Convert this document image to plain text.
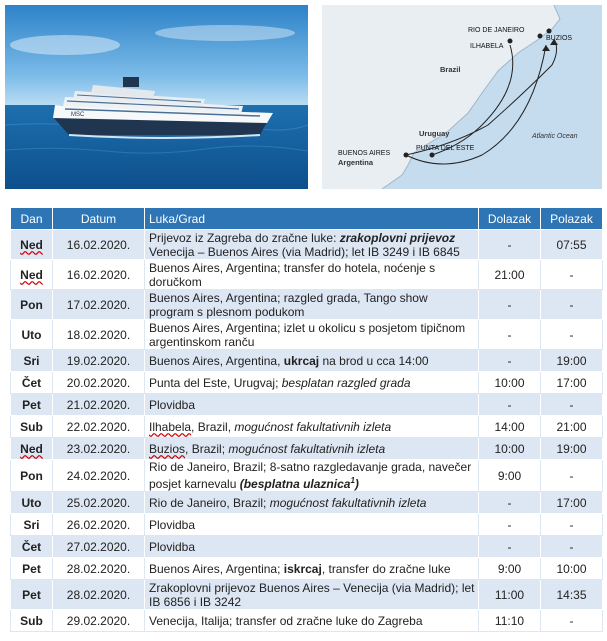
MSC
RIO DE JANEIRO
BUZIOS
ILHABELA
Brazil
Uruguay
PUNTA DEL ESTE
BUENOS AIRES
Argentina
Atlantic Ocean
Dan	Datum	Luka/Grad	Dolazak	Polazak
Ned	16.02.2020.	Prijevoz iz Zagreba do zračne luke: zrakoplovni prijevoz Venecija – Buenos Aires (via Madrid); let IB 3249 i IB 6845	-	07:55
Ned	16.02.2020.	Buenos Aires, Argentina; transfer do hotela, noćenje s doručkom	21:00	-
Pon	17.02.2020.	Buenos Aires, Argentina; razgled grada, Tango show program s plesnom podukom	-	-
Uto	18.02.2020.	Buenos Aires, Argentina; izlet u okolicu s posjetom tipičnom argentinskom ranču	-	-
Sri	19.02.2020.	Buenos Aires, Argentina, ukrcaj na brod u cca 14:00	-	19:00
Čet	20.02.2020.	Punta del Este, Urugvaj; besplatan razgled grada	10:00	17:00
Pet	21.02.2020.	Plovidba	-	-
Sub	22.02.2020.	Ilhabela, Brazil, mogućnost fakultativnih izleta	14:00	21:00
Ned	23.02.2020.	Buzios, Brazil; mogućnost fakultativnih izleta	10:00	19:00
Pon	24.02.2020.	Rio de Janeiro, Brazil; 8-satno razgledavanje grada, navečer posjet karnevalu (besplatna ulaznica$^1$)	9:00	-
Uto	25.02.2020.	Rio de Janeiro, Brazil; mogućnost fakultativnih izleta	-	17:00
Sri	26.02.2020.	Plovidba	-	-
Čet	27.02.2020.	Plovidba	-	-
Pet	28.02.2020.	Buenos Aires, Argentina; iskrcaj, transfer do zračne luke	9:00	10:00
Pet	28.02.2020.	Zrakoplovni prijevoz Buenos Aires – Venecija (via Madrid); let IB 6856 i IB 3242	11:00	14:35
Sub	29.02.2020.	Venecija, Italija; transfer od zračne luke do Zagreba	11:10	-
